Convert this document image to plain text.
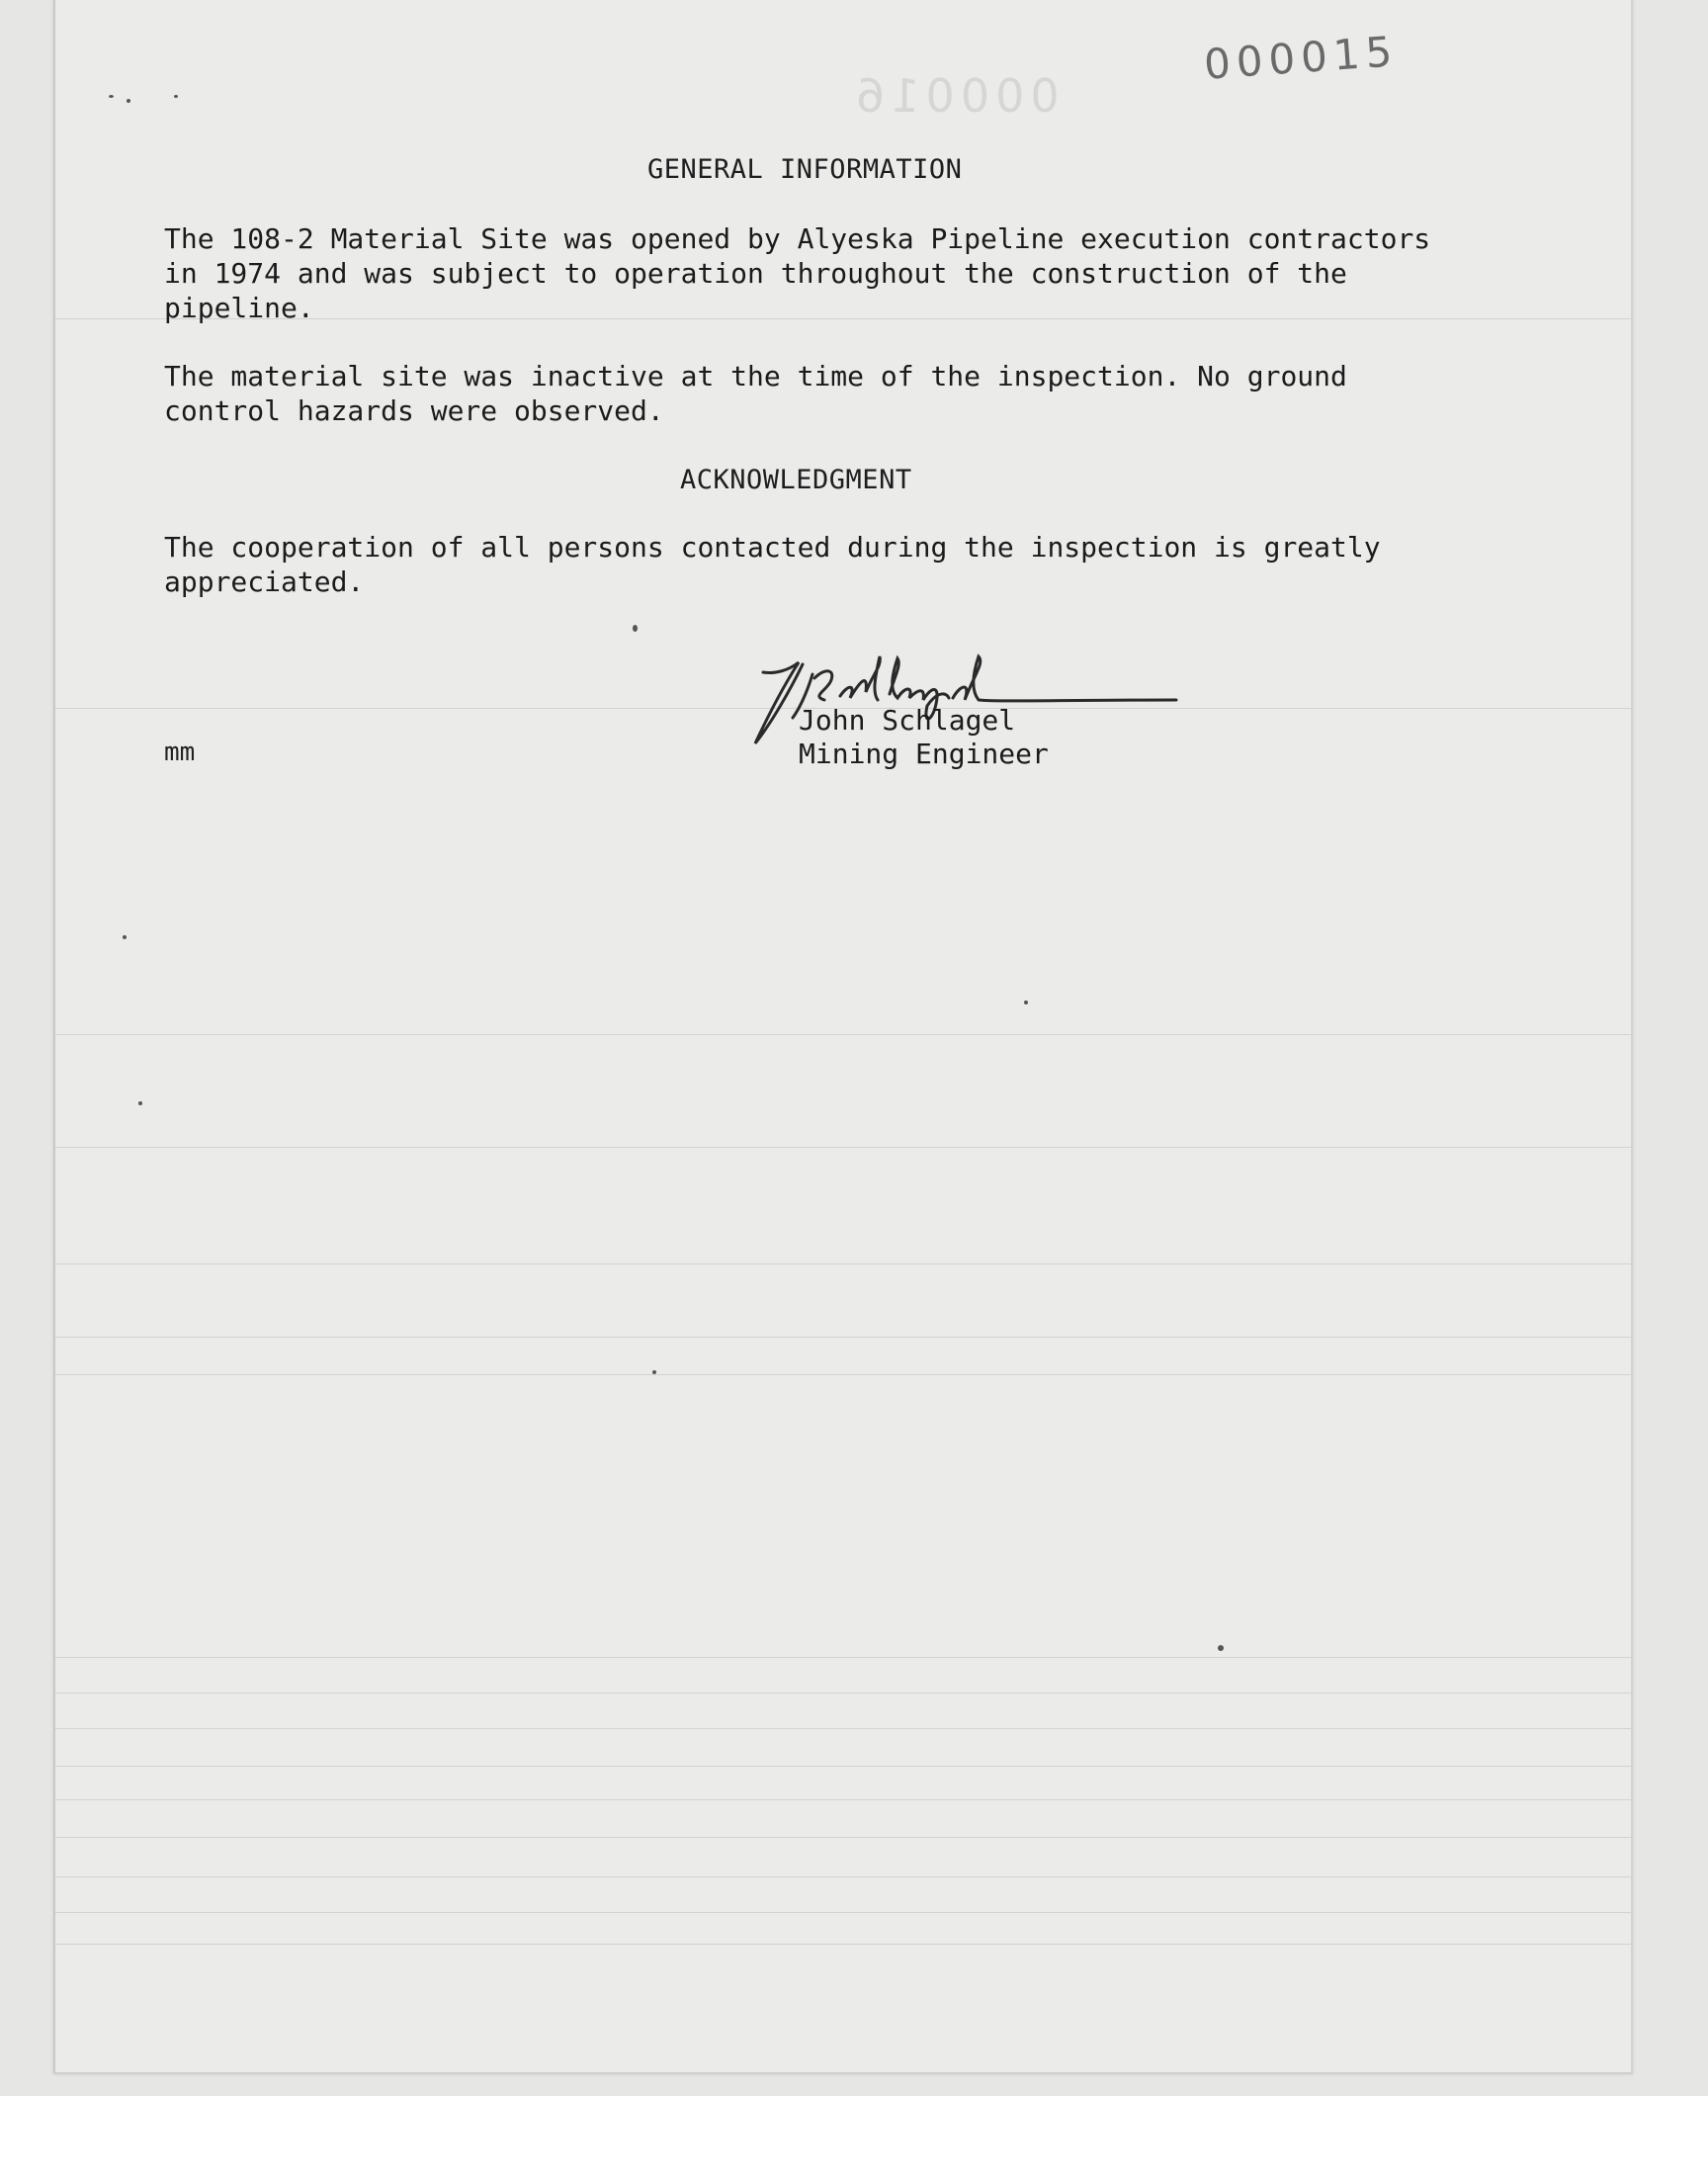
000016
000015
GENERAL INFORMATION
The 108-2 Material Site was opened by Alyeska Pipeline execution contractors
in 1974 and was subject to operation throughout the construction of the
pipeline.
The material site was inactive at the time of the inspection. No ground
control hazards were observed.
ACKNOWLEDGMENT
The cooperation of all persons contacted during the inspection is greatly
appreciated.
John Schlagel
Mining Engineer
mm
